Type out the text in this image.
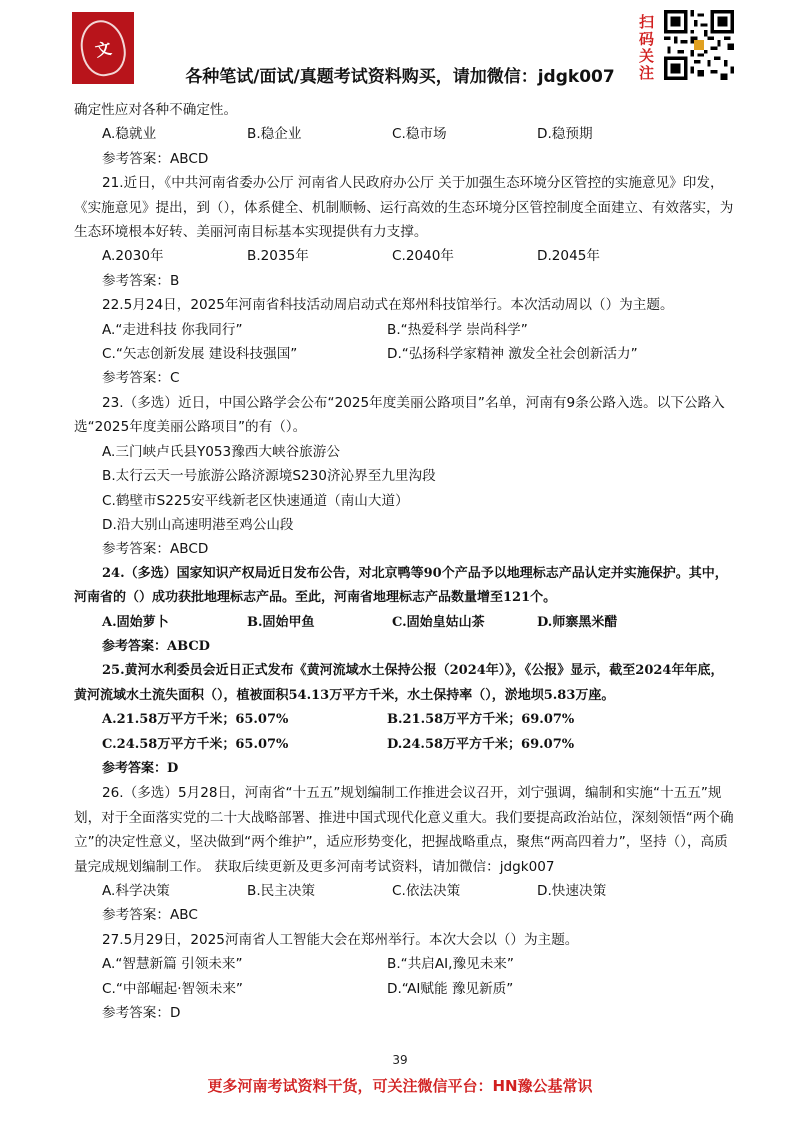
文
各种笔试/面试/真题考试资料购买，请加微信：jdgk007
扫码关注

确定性应对各种不确定性。

A.稳就业	B.稳企业	C.稳市场	D.稳预期

参考答案：ABCD

21.近日，《中共河南省委办公厅 河南省人民政府办公厅 关于加强生态环境分区管控的实施意见》印发，《实施意见》提出，到（），体系健全、机制顺畅、运行高效的生态环境分区管控制度全面建立、有效落实，为生态环境根本好转、美丽河南目标基本实现提供有力支撑。

A.2030年	B.2035年	C.2040年	D.2045年

参考答案：B

22.5月24日，2025年河南省科技活动周启动式在郑州科技馆举行。本次活动周以（）为主题。

A.“走进科技 你我同行”	B.“热爱科学 崇尚科学”
C.“矢志创新发展 建设科技强国”	D.“弘扬科学家精神 激发全社会创新活力”

参考答案：C

23.（多选）近日，中国公路学会公布“2025年度美丽公路项目”名单，河南有9条公路入选。以下公路入选“2025年度美丽公路项目”的有（）。

A.三门峡卢氏县Y053豫西大峡谷旅游公

B.太行云天一号旅游公路济源境S230济沁界至九里沟段

C.鹤壁市S225安平线新老区快速通道（南山大道）

D.沿大别山高速明港至鸡公山段

参考答案：ABCD

24.（多选）国家知识产权局近日发布公告，对北京鸭等90个产品予以地理标志产品认定并实施保护。其中，河南省的（）成功获批地理标志产品。至此，河南省地理标志产品数量增至121个。

A.固始萝卜	B.固始甲鱼	C.固始皇姑山茶	D.师寨黑米醋

参考答案：ABCD

25.黄河水利委员会近日正式发布《黄河流域水土保持公报（2024年）》，《公报》显示，截至2024年年底，黄河流域水土流失面积（），植被面积54.13万平方千米，水土保持率（），淤地坝5.83万座。

A.21.58万平方千米；65.07%	B.21.58万平方千米；69.07%
C.24.58万平方千米；65.07%	D.24.58万平方千米；69.07%

参考答案：D

26.（多选）5月28日，河南省“十五五”规划编制工作推进会议召开，刘宁强调，编制和实施“十五五”规划，对于全面落实党的二十大战略部署、推进中国式现代化意义重大。我们要提高政治站位，深刻领悟“两个确立”的决定性意义，坚决做到“两个维护”，适应形势变化，把握战略重点，聚焦“两高四着力”，坚持（），高质量完成规划编制工作。 获取后续更新及更多河南考试资料，请加微信：jdgk007

A.科学决策	B.民主决策	C.依法决策	D.快速决策

参考答案：ABC

27.5月29日，2025河南省人工智能大会在郑州举行。本次大会以（）为主题。

A.“智慧新篇 引领未来”	B.“共启AI,豫见未来”
C.“中部崛起·智领未来”	D.“AI赋能 豫见新质”

参考答案：D

39
更多河南考试资料干货，可关注微信平台：HN豫公基常识
